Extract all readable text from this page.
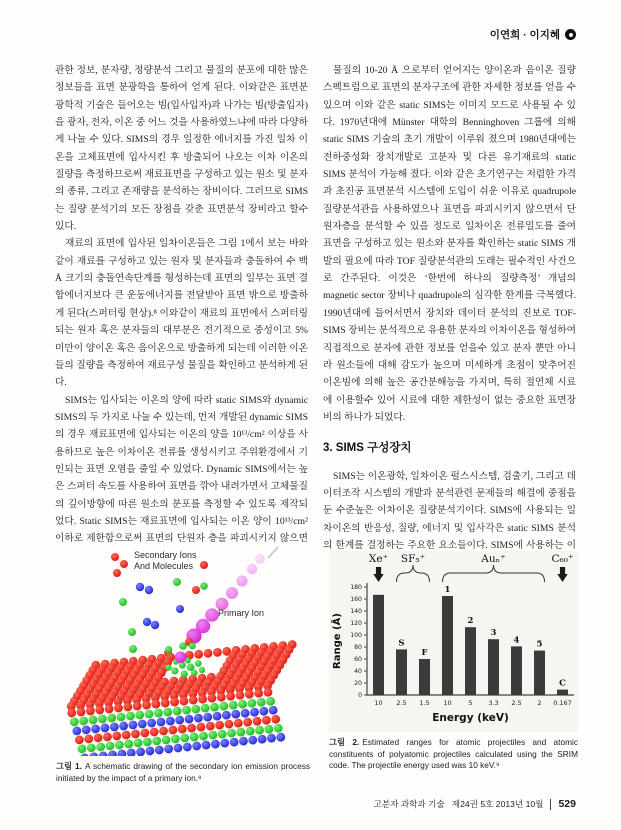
이연희 · 이지혜

관한 정보, 분자량, 정량분석 그리고 물질의 분포에 대한 많은 정보들을 표면 분광학을 통하여 얻게 된다. 이와같은 표면분광학적 기술은 들어오는 빔(입사입자)과 나가는 빔(방출입자)을 광자, 전자, 이온 중 어느 것을 사용하였느냐에 따라 다양하게 나눌 수 있다. SIMS의 경우 일정한 에너지를 가진 일차 이온을 고체표면에 입사시킨 후 방출되어 나오는 이차 이온의 질량을 측정하므로써 재료표면을 구성하고 있는 원소 및 분자의 종류, 그리고 존재량을 분석하는 장비이다. 그러므로 SIMS는 질량 분석기의 모든 장점을 갖춘 표면분석 장비라고 할수 있다.

재료의 표면에 입사된 일차이온들은 그림 1에서 보는 바와 같이 재료를 구성하고 있는 원자 및 분자들과 충돌하여 수 백 Å 크기의 충돌연속단계를 형성하는데 표면의 일부는 표면 결합에너지보다 큰 운동에너지를 전달받아 표면 밖으로 방출하게 된다(스퍼터링 현상).⁸ 이와같이 재료의 표면에서 스퍼터링되는 원자 혹은 분자들의 대부분은 전기적으로 중성이고 5% 미만이 양이온 혹은 음이온으로 방출하게 되는데 이러한 이온들의 질량을 측정하여 재료구성 물질을 확인하고 분석하게 된다.

SIMS는 입사되는 이온의 양에 따라 static SIMS와 dynamic SIMS의 두 가지로 나눌 수 있는데, 먼저 개발된 dynamic SIMS의 경우 재료표면에 입사되는 이온의 양을 10¹³/cm² 이상을 사용하므로 높은 이차이온 전류를 생성시키고 주위환경에서 기인되는 표면 오염을 줄일 수 있었다. Dynamic SIMS에서는 높은 스퍼터 속도를 사용하여 표면을 깎아 내려가면서 고체물질의 깊이방향에 따른 원소의 분포를 측정할 수 있도록 제작되었다. Static SIMS는 재료표면에 입사되는 이온 양이 10¹³/cm² 이하로 제한함으로써 표면의 단원자 층을 파괴시키지 않으면

물질의 10-20 Å 으로부터 얻어지는 양이온과 음이온 질량 스펙트럼으로 표면의 분자구조에 관한 자세한 정보를 얻을 수 있으며 이와 같은 static SIMS는 이미지 모드로 사용될 수 있다. 1970년대에 Münster 대학의 Benninghoven 그룹에 의해 static SIMS 기술의 초기 개발이 이루워 졌으며 1980년대에는 전하중성화 장치개발로 고분자 및 다른 유기재료의 static SIMS 분석이 가능해 졌다. 이와 같은 초기연구는 저렴한 가격과 초진공 표면분석 시스템에 도입이 쉬운 이유로 quadrupole 질량분석관을 사용하였으나 표면을 파괴시키지 않으면서 단원자층을 분석할 수 있을 정도로 일차이온 전류밀도를 줄여 표면을 구성하고 있는 원소와 분자를 확인하는 static SIMS 개발의 필요에 따라 TOF 질량분석관의 도래는 필수적인 사건으로 간주된다. 이것은 ‘한번에 하나의 질량측정’ 개념의 magnetic sector 장비나 quadrupole의 심각한 한계를 극복했다. 1990년대에 들어서면서 장치와 데이터 분석의 진보로 TOF-SIMS 장비는 분석적으로 유용한 분자의 이차이온을 형성하여 직접적으로 분자에 관한 정보를 얻을수 있고 분자 뿐만 아니라 원소들에 대해 감도가 높으며 미세하게 초점이 맞추어진 이온빔에 의해 높은 공간분해능을 가지며, 특히 절연체 시료에 이용할수 있어 시료에 대한 제한성이 없는 중요한 표면장비의 하나가 되었다.

3. SIMS 구성장치

SIMS는 이온광학, 일차이온 펄스시스템, 검출기, 그리고 데이터조작 시스템의 개발과 분석관련 문제들의 해결에 중점을 둔 수준높은 이차이온 질량분석기이다. SIMS에 사용되는 일차이온의 반응성, 질량, 에너지 및 입사각은 static SIMS 분석의 한계를 결정하는 주요한 요소들이다. SIMS에 사용하는 이

Secondary Ions
And Molecules
Primary Ion
그림 1. A schematic drawing of the secondary ion emission process initiated by the impact of a primary ion.⁸
0
20
40
60
80
100
120
140
160
180
10
S
2.5
F
1.5
1
10
2
5
3
3.3
4
2.5
5
2
C
0.167
Energy (keV)
Range (Å)
Xe⁺ SF₅⁺	Auₙ⁺	C₆₀⁺
그림 2. Estimated ranges for atomic projectiles and atomic constituents of polyatomic projectiles calculated using the SRIM code. The projectile energy used was 10 keV.⁹
고분자 과학과 기술 제24권 5호 2013년 10월 529
